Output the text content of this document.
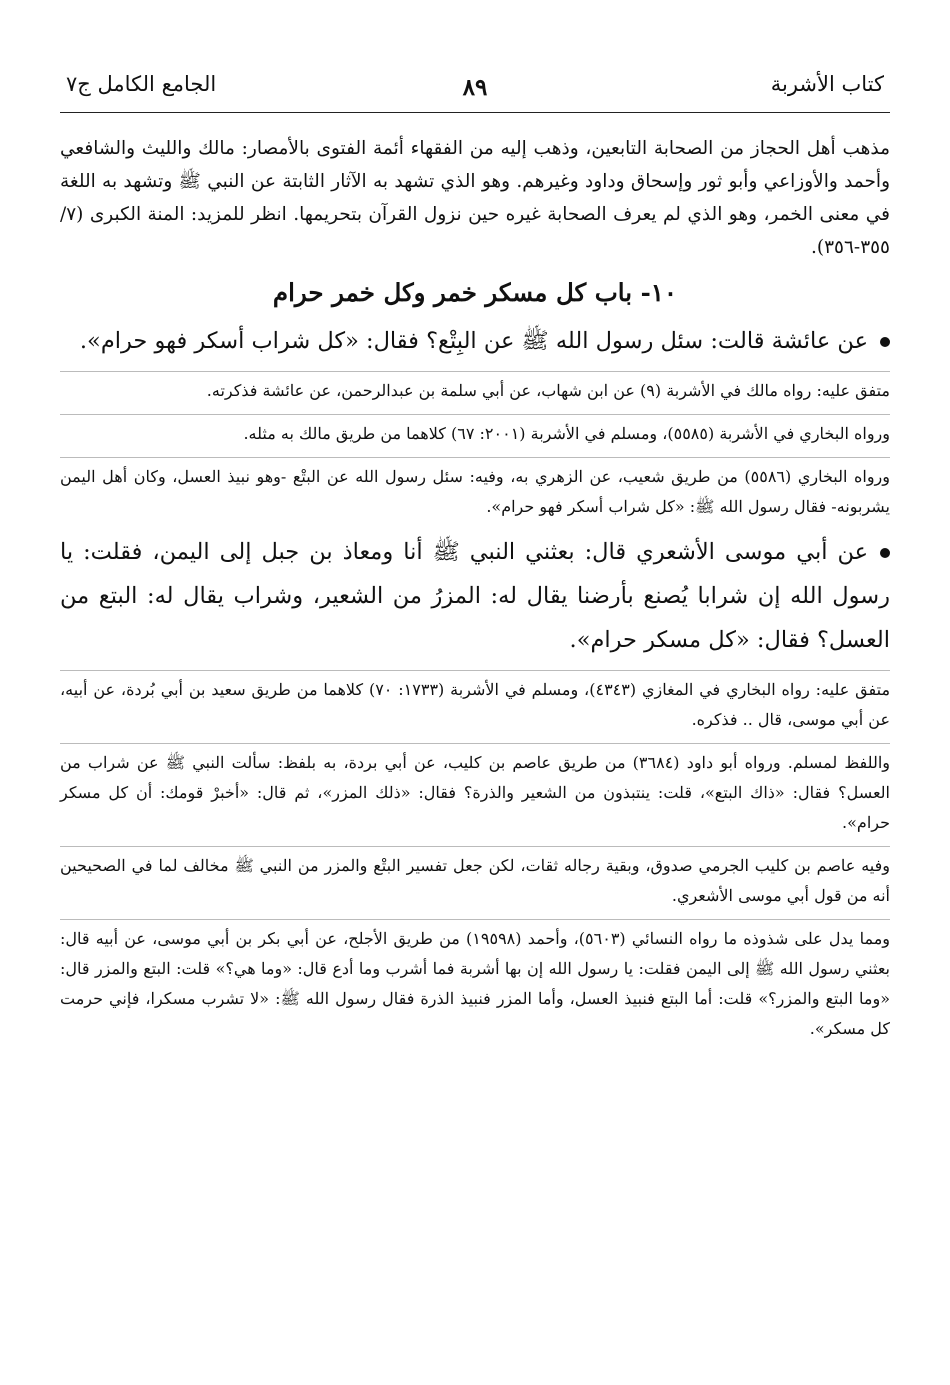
كتاب الأشربة
٨٩
الجامع الكامل ج٧

مذهب أهل الحجاز من الصحابة التابعين، وذهب إليه من الفقهاء أئمة الفتوى بالأمصار: مالك والليث والشافعي وأحمد والأوزاعي وأبو ثور وإسحاق وداود وغيرهم. وهو الذي تشهد به الآثار الثابتة عن النبي ﷺ وتشهد به اللغة في معنى الخمر، وهو الذي لم يعرف الصحابة غيره حين نزول القرآن بتحريمها. انظر للمزيد: المنة الكبرى (٧/ ٣٥٥-٣٥٦).

١٠- باب كل مسكر خمر وكل خمر حرام

عن عائشة قالت: سئل رسول الله ﷺ عن البِتْع؟ فقال: «كل شراب أسكر فهو حرام».

متفق عليه: رواه مالك في الأشربة (٩) عن ابن شهاب، عن أبي سلمة بن عبدالرحمن، عن عائشة فذكرته.

ورواه البخاري في الأشربة (٥٥٨٥)، ومسلم في الأشربة (٢٠٠١: ٦٧) كلاهما من طريق مالك به مثله.

ورواه البخاري (٥٥٨٦) من طريق شعيب، عن الزهري به، وفيه: سئل رسول الله عن البتْع -وهو نبيذ العسل، وكان أهل اليمن يشربونه- فقال رسول الله ﷺ: «كل شراب أسكر فهو حرام».

عن أبي موسى الأشعري قال: بعثني النبي ﷺ أنا ومعاذ بن جبل إلى اليمن، فقلت: يا رسول الله إن شرابا يُصنع بأرضنا يقال له: المزرُ من الشعير، وشراب يقال له: البتع من العسل؟ فقال: «كل مسكر حرام».

متفق عليه: رواه البخاري في المغازي (٤٣٤٣)، ومسلم في الأشربة (١٧٣٣: ٧٠) كلاهما من طريق سعيد بن أبي بُردة، عن أبيه، عن أبي موسى، قال .. فذكره.

واللفظ لمسلم. ورواه أبو داود (٣٦٨٤) من طريق عاصم بن كليب، عن أبي بردة، به بلفظ: سألت النبي ﷺ عن شراب من العسل؟ فقال: «ذاك البتع»، قلت: ينتبذون من الشعير والذرة؟ فقال: «ذلك المزر»، ثم قال: «أخبرْ قومك: أن كل مسكر حرام».

وفيه عاصم بن كليب الجرمي صدوق، وبقية رجاله ثقات، لكن جعل تفسير البتْع والمزر من النبي ﷺ مخالف لما في الصحيحين أنه من قول أبي موسى الأشعري.

ومما يدل على شذوذه ما رواه النسائي (٥٦٠٣)، وأحمد (١٩٥٩٨) من طريق الأجلح، عن أبي بكر بن أبي موسى، عن أبيه قال: بعثني رسول الله ﷺ إلى اليمن فقلت: يا رسول الله إن بها أشربة فما أشرب وما أدع قال: «وما هي؟» قلت: البتع والمزر قال: «وما البتع والمزر؟» قلت: أما البتع فنبيذ العسل، وأما المزر فنبيذ الذرة فقال رسول الله ﷺ: «لا تشرب مسكرا، فإني حرمت كل مسكر».
